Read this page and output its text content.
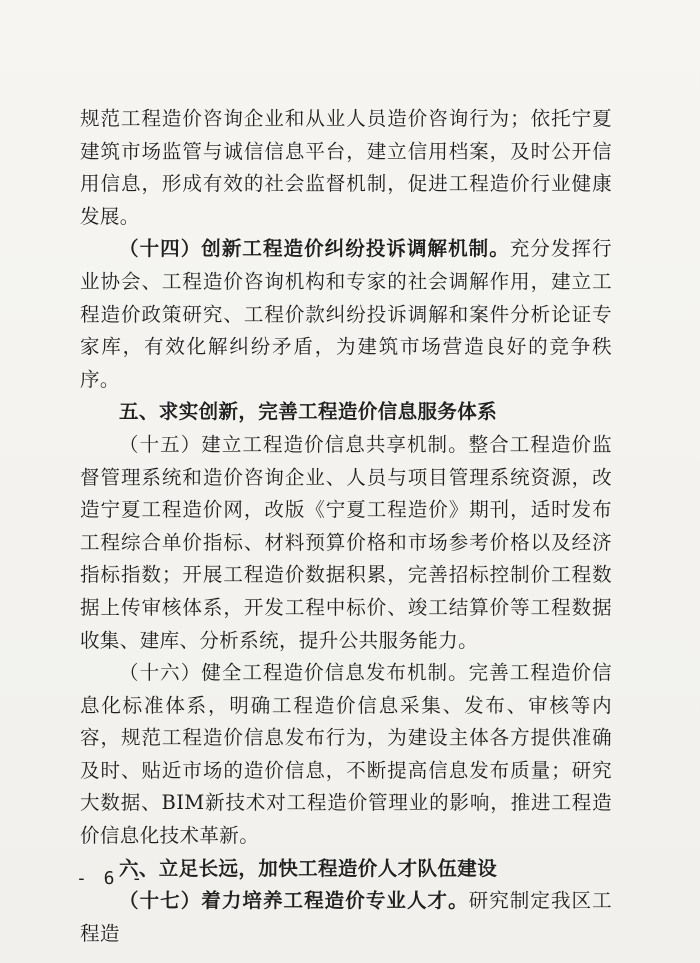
规范工程造价咨询企业和从业人员造价咨询行为；依托宁夏建筑市场监管与诚信信息平台，建立信用档案，及时公开信用信息，形成有效的社会监督机制，促进工程造价行业健康发展。

（十四）创新工程造价纠纷投诉调解机制。充分发挥行业协会、工程造价咨询机构和专家的社会调解作用，建立工程造价政策研究、工程价款纠纷投诉调解和案件分析论证专家库，有效化解纠纷矛盾，为建筑市场营造良好的竞争秩序。

五、求实创新，完善工程造价信息服务体系

（十五）建立工程造价信息共享机制。整合工程造价监督管理系统和造价咨询企业、人员与项目管理系统资源，改造宁夏工程造价网，改版《宁夏工程造价》期刊，适时发布工程综合单价指标、材料预算价格和市场参考价格以及经济指标指数；开展工程造价数据积累，完善招标控制价工程数据上传审核体系，开发工程中标价、竣工结算价等工程数据收集、建库、分析系统，提升公共服务能力。

（十六）健全工程造价信息发布机制。完善工程造价信息化标准体系，明确工程造价信息采集、发布、审核等内容，规范工程造价信息发布行为，为建设主体各方提供准确及时、贴近市场的造价信息，不断提高信息发布质量；研究大数据、BIM新技术对工程造价管理业的影响，推进工程造价信息化技术革新。

六、立足长远，加快工程造价人才队伍建设

（十七）着力培养工程造价专业人才。研究制定我区工程造

- 6 -
